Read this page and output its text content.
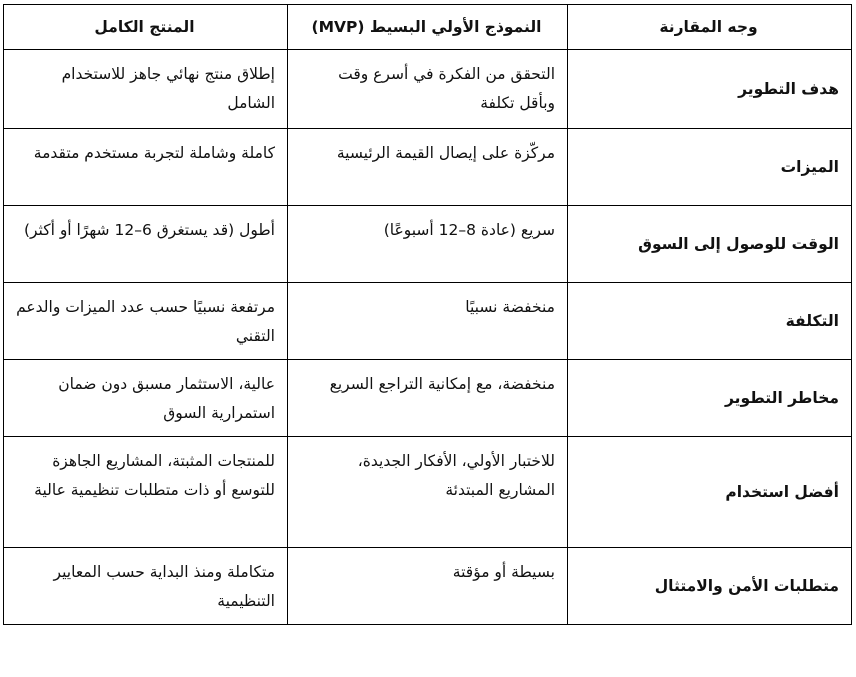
وجه المقارنة	النموذج الأولي البسيط (MVP)	المنتج الكامل
هدف التطوير	التحقق من الفكرة في أسرع وقت وبأقل تكلفة	إطلاق منتج نهائي جاهز للاستخدام الشامل
الميزات	مركّزة على إيصال القيمة الرئيسية	كاملة وشاملة لتجربة مستخدم متقدمة
الوقت للوصول إلى السوق	سريع (عادة 8–12 أسبوعًا)	أطول (قد يستغرق 6–12 شهرًا أو أكثر)
التكلفة	منخفضة نسبيًا	مرتفعة نسبيًا حسب عدد الميزات والدعم التقني
مخاطر التطوير	منخفضة، مع إمكانية التراجع السريع	عالية، الاستثمار مسبق دون ضمان استمرارية السوق
أفضل استخدام	للاختبار الأولي، الأفكار الجديدة، المشاريع المبتدئة	للمنتجات المثبتة، المشاريع الجاهزة للتوسع أو ذات متطلبات تنظيمية عالية
متطلبات الأمن والامتثال	بسيطة أو مؤقتة	متكاملة ومنذ البداية حسب المعايير التنظيمية
